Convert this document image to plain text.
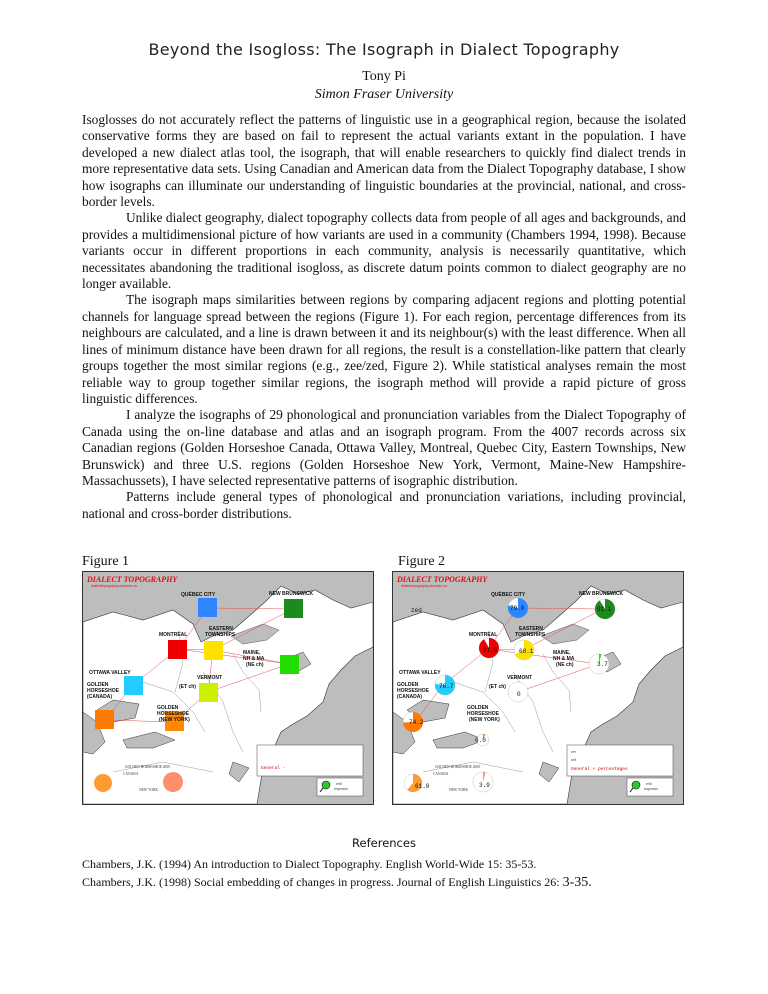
Beyond the Isogloss: The Isograph in Dialect Topography
Tony Pi
Simon Fraser University

Isoglosses do not accurately reflect the patterns of linguistic use in a geographical region, because the isolated conservative forms they are based on fail to represent the actual variants extant in the population. I have developed a new dialect atlas tool, the isograph, that will enable researchers to quickly find dialect trends in more representative data sets. Using Canadian and American data from the Dialect Topography database, I show how isographs can illuminate our understanding of linguistic boundaries at the provincial, national, and cross-border levels.

Unlike dialect geography, dialect topography collects data from people of all ages and backgrounds, and provides a multidimensional picture of how variants are used in a community (Chambers 1994, 1998). Because variants occur in different proportions in each community, analysis is necessarily quantitative, which necessitates abandoning the traditional isogloss, as discrete datum points common to dialect geography are no longer available.

The isograph maps similarities between regions by comparing adjacent regions and plotting potential channels for language spread between the regions (Figure 1). For each region, percentage differences from its neighbours are calculated, and a line is drawn between it and its neighbour(s) with the least difference. When all lines of minimum distance have been drawn for all regions, the result is a constellation-like pattern that clearly groups together the most similar regions (e.g., zee/zed, Figure 2). While statistical analyses remain the most reliable way to group together similar regions, the isograph method will provide a rapid picture of gross linguistic differences.

I analyze the isographs of 29 phonological and pronunciation variables from the Dialect Topography of Canada using the on-line database and atlas and an isograph program. From the 4007 records across six Canadian regions (Golden Horseshoe Canada, Ottawa Valley, Montreal, Quebec City, Eastern Townships, New Brunswick) and three U.S. regions (Golden Horseshoe New York, Vermont, Maine-New Hampshire-Massachussets), I have selected representative patterns of isographic distribution.

Patterns include general types of phonological and pronunciation variations, including provincial, national and cross-border distributions.

Figure 1	Figure 2
DIALECT TOPOGRAPHY
dialecttopography.utoronto.ca
QUÉBEC CITY	NEW BRUNSWICK
MONTRÉAL
EASTERN
TOWNSHIPS
MAINE,
NH & MA
(NE ch)
OTTAWA VALLEY
VERMONT
(ET ch)
GOLDEN
HORSESHOE
(CANADA)
GOLDEN
HORSESHOE
(NEW YORK)
GOLDEN HORSESHOE 2000
CANADA
NEW YORK
General -
redi
responses
DIALECT TOPOGRAPHY
dialecttopography.utoronto.ca
zed
QUÉBEC CITY	NEW BRUNSWICK
MONTRÉAL
EASTERN
TOWNSHIPS
MAINE,
NH & MA
(NE ch)
OTTAWA VALLEY
VERMONT
(ET ch)
GOLDEN
HORSESHOE
(CANADA)
GOLDEN
HORSESHOE
(NEW YORK)
79.0	91.1
91.9	68.1
3.7
76.7
0
74.2
6.0
GOLDEN HORSESHOE 2000
CANADA
NEW YORK
61.0	3.9
zee
zed
General + percentages
redi
responses
References
Chambers, J.K. (1994) An introduction to Dialect Topography. English World-Wide 15: 35-53.
Chambers, J.K. (1998) Social embedding of changes in progress. Journal of English Linguistics 26: 3-35.
